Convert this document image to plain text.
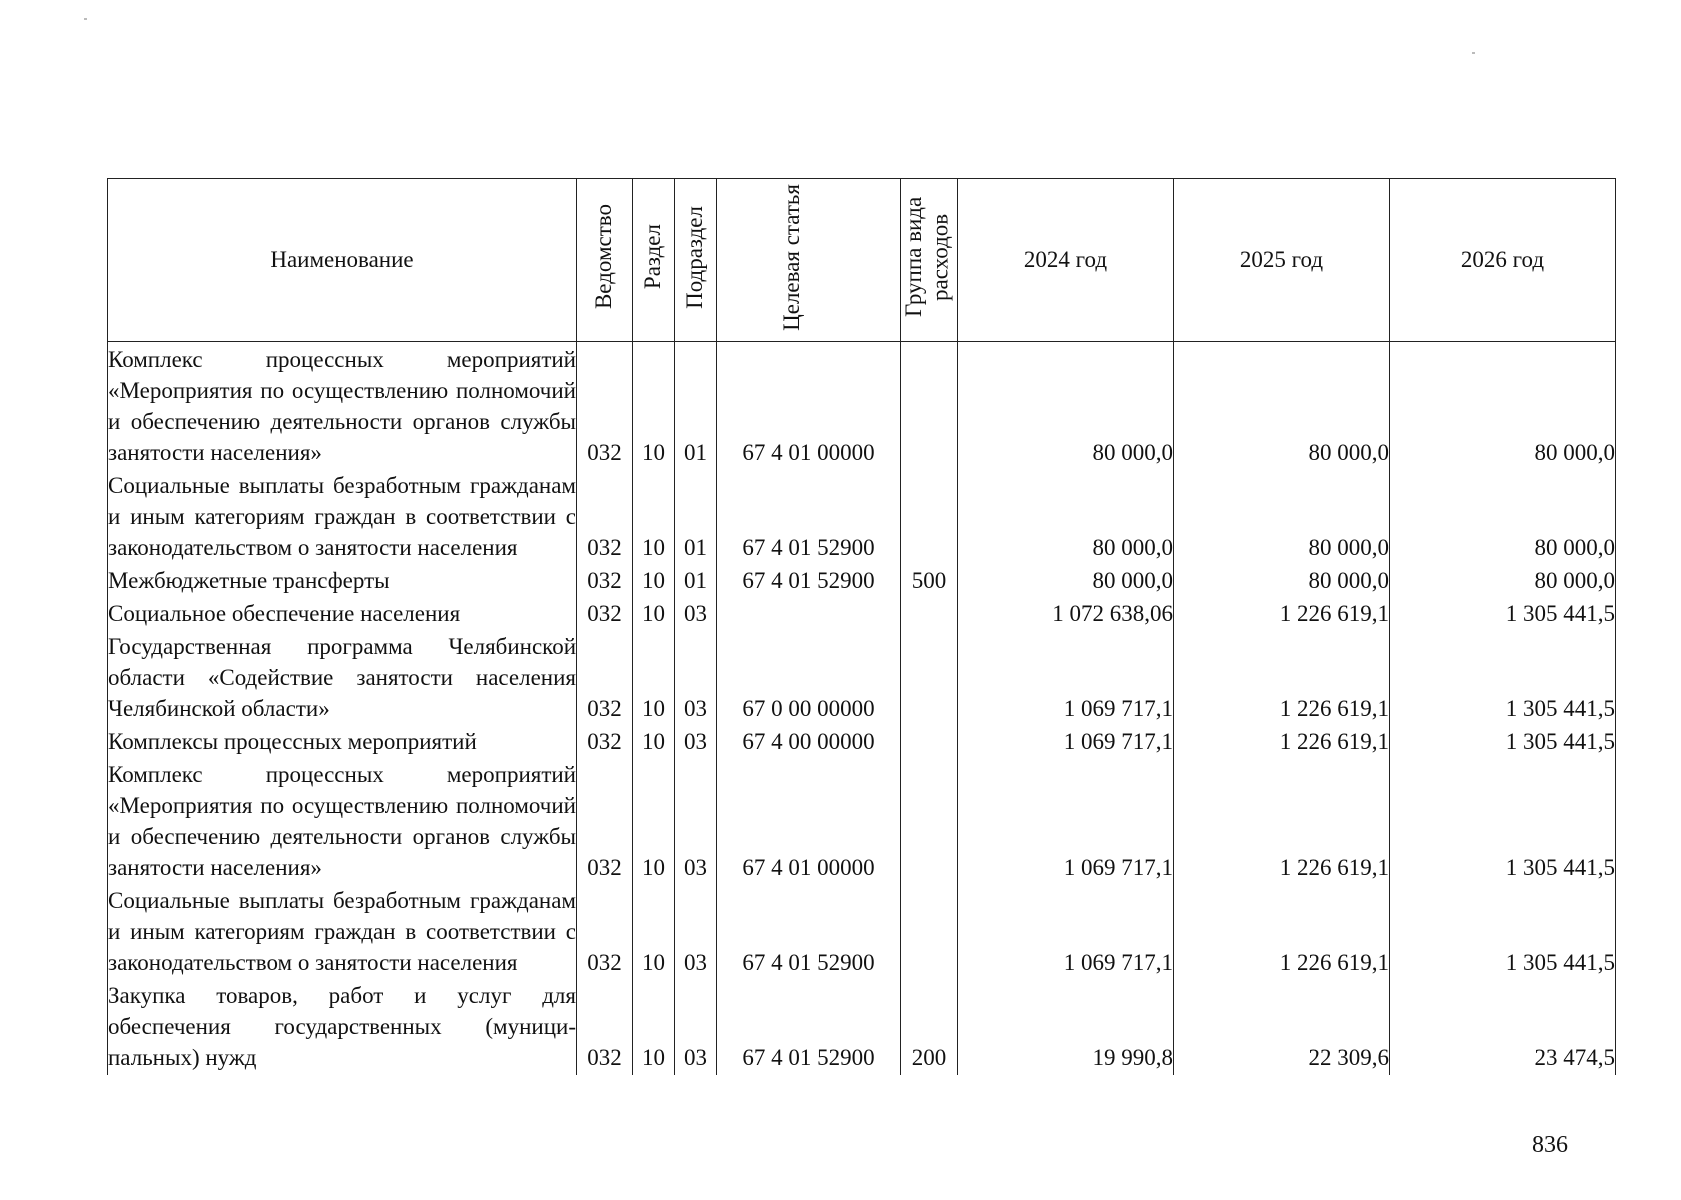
Наименование	Ведомство	Раздел	Подраздел	Целевая статья	Группа вида расходов	2024 год	2025 год	2026 год
Комплекс процессных мероприятий «Мероприятия по осуществлению полномочий и обеспечению деятельности органов службы занятости населения»	032	10	01	67 4 01 00000		80 000,0	80 000,0	80 000,0
Социальные выплаты безработным гражданам и иным категориям граждан в соответствии с законодательством о занятости населения	032	10	01	67 4 01 52900		80 000,0	80 000,0	80 000,0
Межбюджетные трансферты	032	10	01	67 4 01 52900	500	80 000,0	80 000,0	80 000,0
Социальное обеспечение населения	032	10	03			1 072 638,06	1 226 619,1	1 305 441,5
Государственная программа Челябинской области «Содействие занятости населения Челябинской области»	032	10	03	67 0 00 00000		1 069 717,1	1 226 619,1	1 305 441,5
Комплексы процессных мероприятий	032	10	03	67 4 00 00000		1 069 717,1	1 226 619,1	1 305 441,5
Комплекс процессных мероприятий «Мероприятия по осуществлению полномочий и обеспечению деятельности органов службы занятости населения»	032	10	03	67 4 01 00000		1 069 717,1	1 226 619,1	1 305 441,5
Социальные выплаты безработным гражданам и иным категориям граждан в соответствии с законодательством о занятости населения	032	10	03	67 4 01 52900		1 069 717,1	1 226 619,1	1 305 441,5
Закупка товаров, работ и услуг для обеспечения государственных (муниципальных) нужд	032	10	03	67 4 01 52900	200	19 990,8	22 309,6	23 474,5
836
